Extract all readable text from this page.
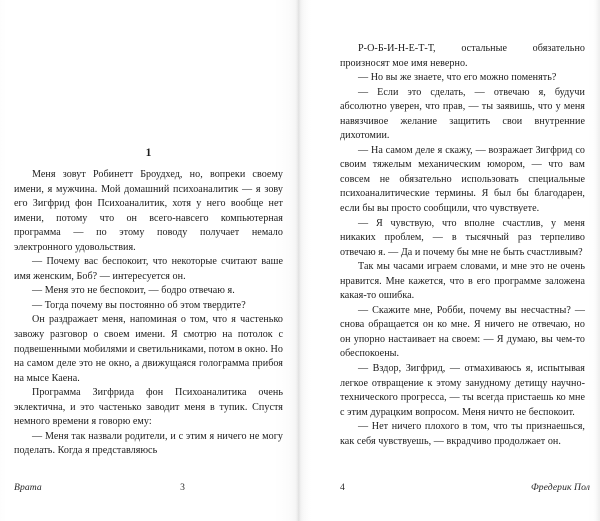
1

Меня зовут Робинетт Броудхед, но, вопреки своему имени, я мужчина. Мой домашний психоаналитик — я зову его Зигфрид фон Психоаналитик, хотя у него вообще нет имени, потому что он всего-навсего компьютерная программа — по этому поводу получает немало электронного удовольствия.

— Почему вас беспокоит, что некоторые считают ваше имя женским, Боб? — интересуется он.

— Меня это не беспокоит, — бодро отвечаю я.

— Тогда почему вы постоянно об этом твердите?

Он раздражает меня, напоминая о том, что я частенько завожу разговор о своем имени. Я смотрю на потолок с подвешенными мобилями и светильниками, потом в окно. Но на самом деле это не окно, а движущаяся голограмма прибоя на мысе Каена.

Программа Зигфрида фон Психоаналитика очень эклектична, и это частенько заводит меня в тупик. Спустя немного времени я говорю ему:

— Меня так назвали родители, и с этим я ничего не могу поделать. Когда я представляюсь

Врата	3

Р-О-Б-И-Н-Е-Т-Т, остальные обязательно произносят мое имя неверно.

— Но вы же знаете, что его можно поменять?

— Если это сделать, — отвечаю я, будучи абсолютно уверен, что прав, — ты заявишь, что у меня навязчивое желание защитить свои внутренние дихотомии.

— На самом деле я скажу, — возражает Зигфрид со своим тяжелым механическим юмором, — что вам совсем не обязательно использовать специальные психоаналитические термины. Я был бы благодарен, если бы вы просто сообщили, что чувствуете.

— Я чувствую, что вполне счастлив, у меня никаких проблем, — в тысячный раз терпеливо отвечаю я. — Да и почему бы мне не быть счастливым?

Так мы часами играем словами, и мне это не очень нравится. Мне кажется, что в его программе заложена какая-то ошибка.

— Скажите мне, Робби, почему вы несчастны? — снова обращается он ко мне. Я ничего не отвечаю, но он упорно настаивает на своем: — Я думаю, вы чем-то обеспокоены.

— Вздор, Зигфрид, — отмахиваюсь я, испытывая легкое отвращение к этому занудному детищу научно-технического прогресса, — ты всегда пристаешь ко мне с этим дурацким вопросом. Меня ничто не беспокоит.

— Нет ничего плохого в том, что ты признаешься, как себя чувствуешь, — вкрадчиво продолжает он.

4	Фредерик Пол
